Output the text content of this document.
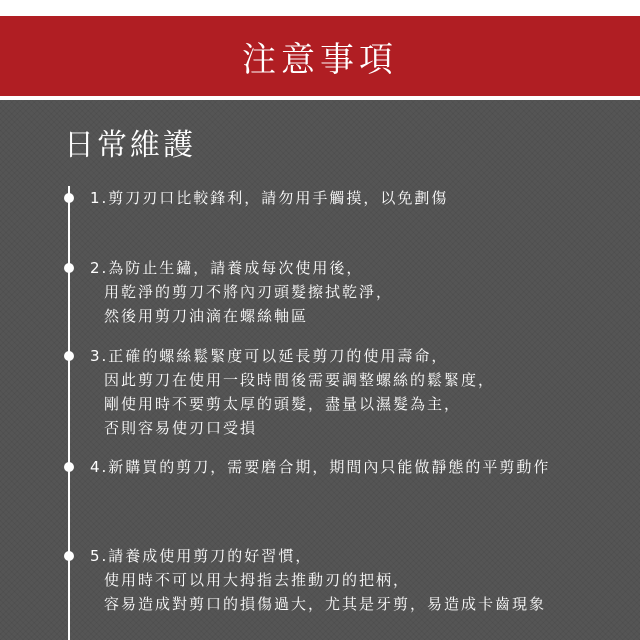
注意事項
日常維護
1.剪刀刃口比較鋒利，請勿用手觸摸，以免劃傷
2.為防止生鏽，請養成每次使用後，
用乾淨的剪刀不將內刃頭髮擦拭乾淨，
然後用剪刀油滴在螺絲軸區
3.正確的螺絲鬆緊度可以延長剪刀的使用壽命，
因此剪刀在使用一段時間後需要調整螺絲的鬆緊度，
剛使用時不要剪太厚的頭髮，盡量以濕髮為主，
否則容易使刃口受損
4.新購買的剪刀，需要磨合期，期間內只能做靜態的平剪動作
5.請養成使用剪刀的好習慣，
使用時不可以用大拇指去推動刃的把柄，
容易造成對剪口的損傷過大，尤其是牙剪，易造成卡齒現象
